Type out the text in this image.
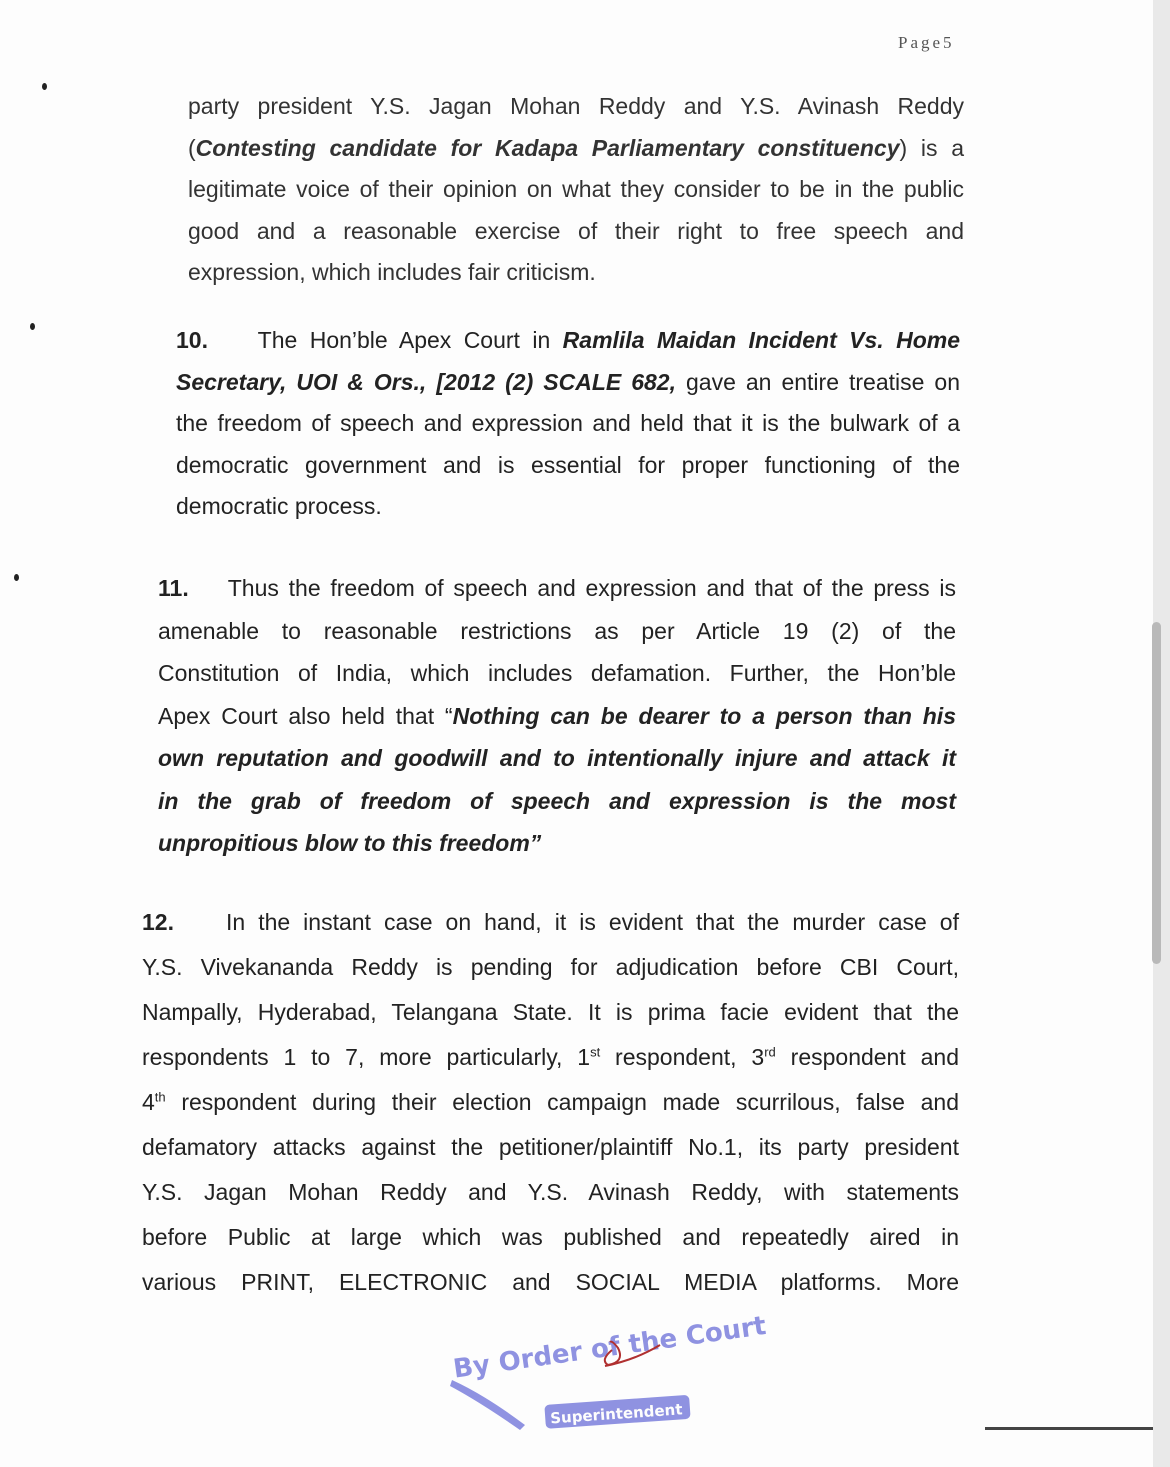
Page5
party president Y.S. Jagan Mohan Reddy and Y.S. Avinash Reddy
(Contesting candidate for Kadapa Parliamentary constituency) is a
legitimate voice of their opinion on what they consider to be in the public
good and a reasonable exercise of their right to free speech and
expression, which includes fair criticism.
10. The Hon’ble Apex Court in Ramlila Maidan Incident Vs. Home
Secretary, UOI & Ors., [2012 (2) SCALE 682, gave an entire treatise on
the freedom of speech and expression and held that it is the bulwark of a
democratic government and is essential for proper functioning of the
democratic process.
11. Thus the freedom of speech and expression and that of the press is
amenable to reasonable restrictions as per Article 19 (2) of the
Constitution of India, which includes defamation. Further, the Hon’ble
Apex Court also held that “Nothing can be dearer to a person than his
own reputation and goodwill and to intentionally injure and attack it
in the grab of freedom of speech and expression is the most
unpropitious blow to this freedom”
12. In the instant case on hand, it is evident that the murder case of
Y.S. Vivekananda Reddy is pending for adjudication before CBI Court,
Nampally, Hyderabad, Telangana State. It is prima facie evident that the
respondents 1 to 7, more particularly, 1st respondent, 3rd respondent and
4th respondent during their election campaign made scurrilous, false and
defamatory attacks against the petitioner/plaintiff No.1, its party president
Y.S. Jagan Mohan Reddy and Y.S. Avinash Reddy, with statements
before Public at large which was published and repeatedly aired in
various PRINT, ELECTRONIC and SOCIAL MEDIA platforms. More
By Order of the Court
Superintendent
